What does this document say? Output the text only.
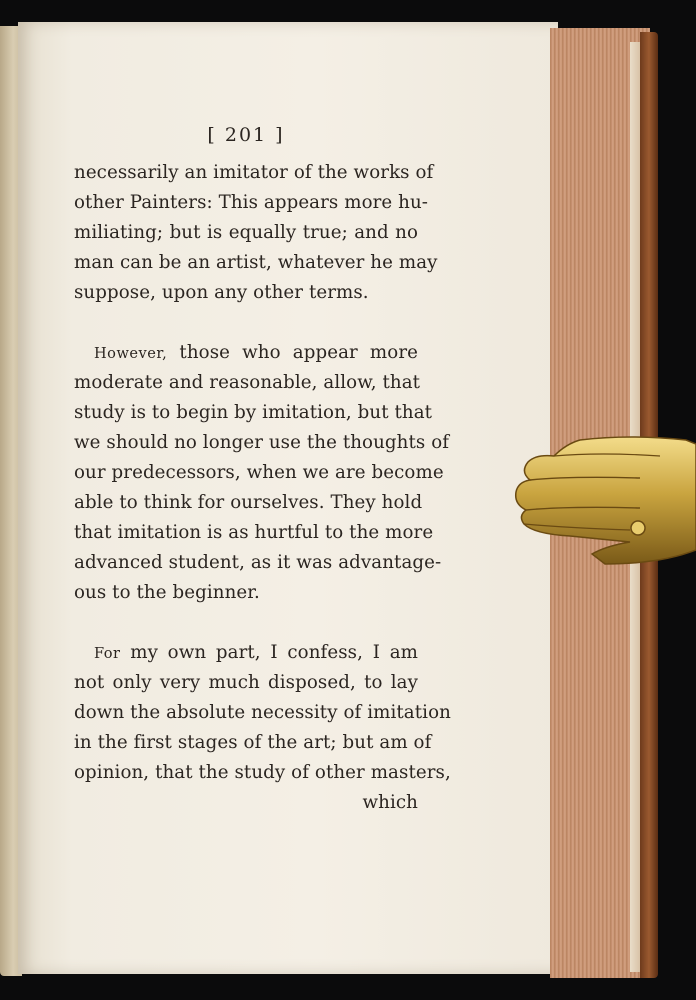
[ 201 ]
necessarily an imitator of the works of
other Painters: This appears more hu-
miliating; but is equally true; and no
man can be an artist, whatever he may
suppose, upon any other terms.
However, those who appear more
moderate and reasonable, allow, that
study is to begin by imitation, but that
we should no longer use the thoughts of
our predecessors, when we are become
able to think for ourselves. They hold
that imitation is as hurtful to the more
advanced student, as it was advantage-
ous to the beginner.
For my own part, I confess, I am
not only very much disposed, to lay
down the absolute necessity of imitation
in the first stages of the art; but am of
opinion, that the study of other masters,
which
